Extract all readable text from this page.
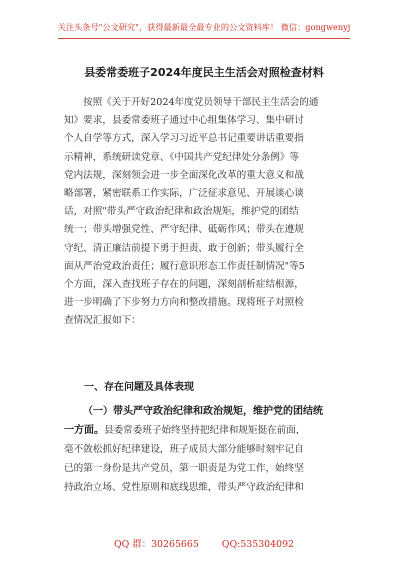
关注头条号"公文研究"，获得最新最全最专业的公文资料库！ 微信：gongwenyj
县委常委班子2024年度民主生活会对照检查材料
按照《关于开好2024年度党员领导干部民主生活会的通
知》要求，县委常委班子通过中心组集体学习、集中研讨
个人自学等方式，深入学习习近平总书记重要讲话重要指
示精神，系统研读党章、《中国共产党纪律处分条例》等
党内法规，深刻领会进一步全面深化改革的重大意义和战
略部署，紧密联系工作实际，广泛征求意见、开展谈心谈
话，对照"带头严守政治纪律和政治规矩，维护党的团结
统一；带头增强党性、严守纪律、砥砺作风；带头在遵规
守纪、清正廉洁前提下勇于担责、敢于创新；带头履行全
面从严治党政治责任；履行意识形态工作责任制情况"等5
个方面，深入查找班子存在的问题，深刻剖析症结根源，
进一步明确了下步努力方向和整改措施。现将班子对照检
查情况汇报如下：
一、存在问题及具体表现
（一）带头严守政治纪律和政治规矩，维护党的团结统
一方面。县委常委班子始终坚持把纪律和规矩挺在前面，
毫不敛松抓好纪律建设，班子成员大部分能够时刻牢记自
已的第一身份是共产党员，第一职责是为党工作，始终坚
持政治立场、党性原则和底线思维，带头严守政治纪律和
QQ 群：30265665 QQ:535304092
